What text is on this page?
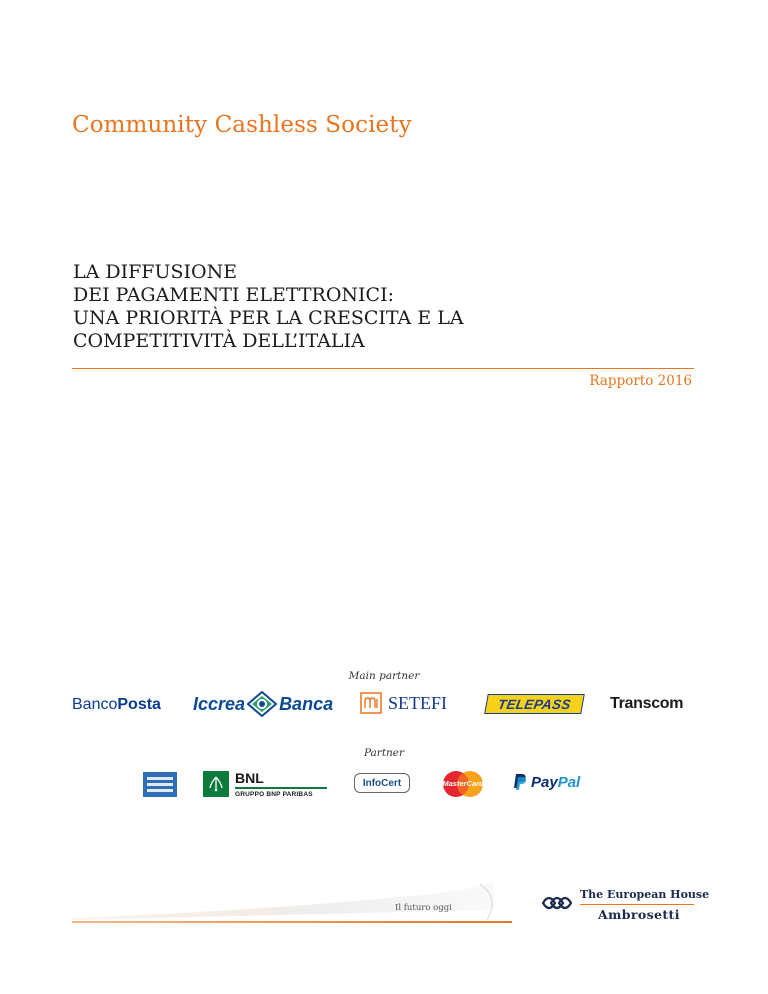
Community Cashless Society
LA DIFFUSIONE
DEI PAGAMENTI ELETTRONICI:
UNA PRIORITÀ PER LA CRESCITA E LA
COMPETITIVITÀ DELL’ITALIA
Rapporto 2016
Main partner
BancoPosta Iccrea Banca	SETEFI	TELEPASS Transcom
Partner
BNL
GRUPPO BNP PARIBAS
InfoCert	MasterCard	PayPal
Il futuro oggi
The European House
Ambrosetti
